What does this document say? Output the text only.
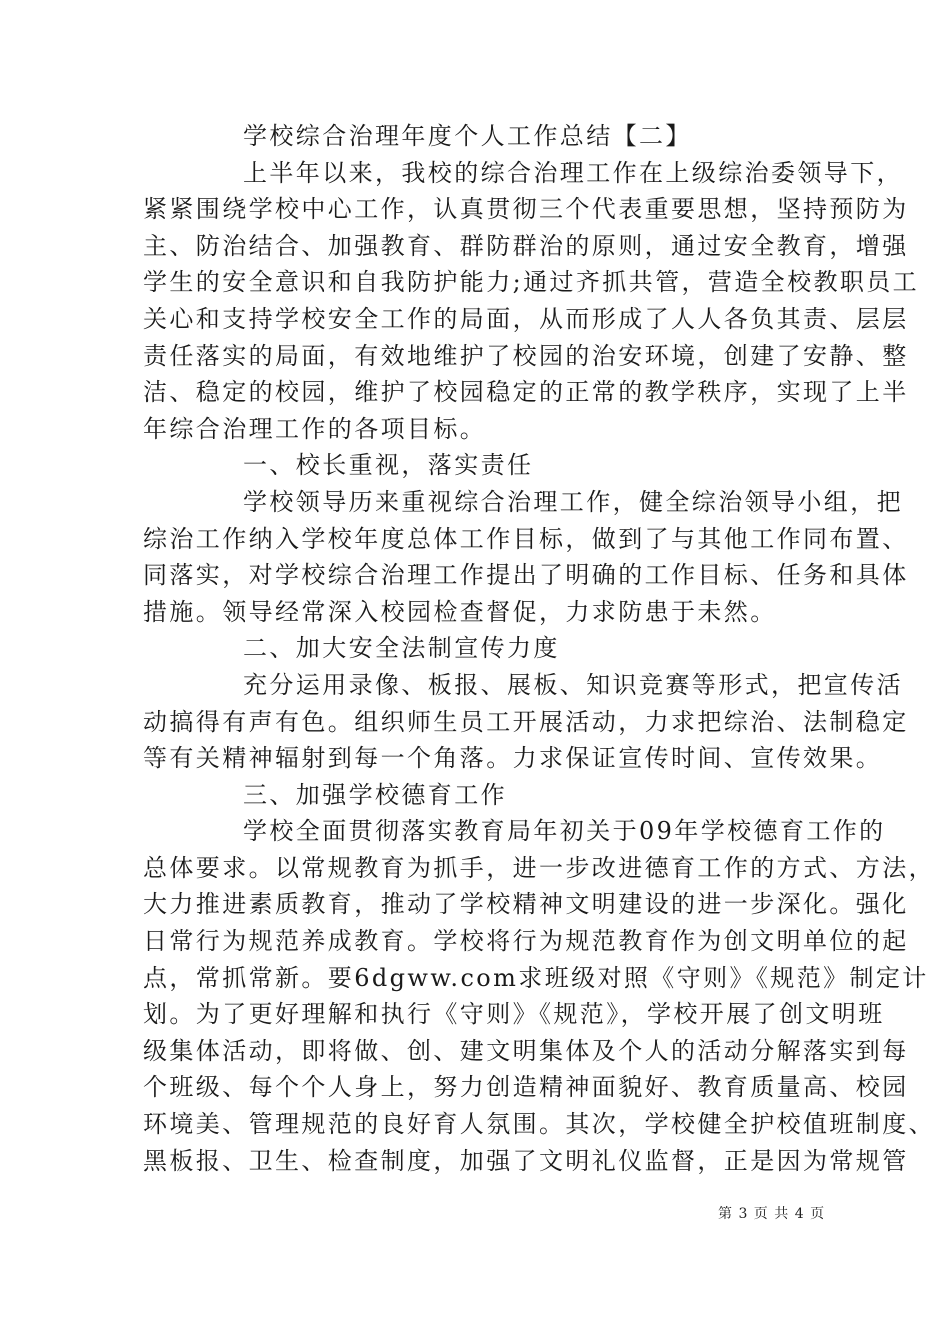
学校综合治理年度个人工作总结【二】
上半年以来，我校的综合治理工作在上级综治委领导下，
紧紧围绕学校中心工作，认真贯彻三个代表重要思想，坚持预防为
主、防治结合、加强教育、群防群治的原则，通过安全教育，增强
学生的安全意识和自我防护能力;通过齐抓共管，营造全校教职员工
关心和支持学校安全工作的局面，从而形成了人人各负其责、层层
责任落实的局面，有效地维护了校园的治安环境，创建了安静、整
洁、稳定的校园，维护了校园稳定的正常的教学秩序，实现了上半
年综合治理工作的各项目标。
一、校长重视，落实责任
学校领导历来重视综合治理工作，健全综治领导小组，把
综治工作纳入学校年度总体工作目标，做到了与其他工作同布置、
同落实，对学校综合治理工作提出了明确的工作目标、任务和具体
措施。领导经常深入校园检查督促，力求防患于未然。
二、加大安全法制宣传力度
充分运用录像、板报、展板、知识竞赛等形式，把宣传活
动搞得有声有色。组织师生员工开展活动，力求把综治、法制稳定
等有关精神辐射到每一个角落。力求保证宣传时间、宣传效果。
三、加强学校德育工作
学校全面贯彻落实教育局年初关于09年学校德育工作的
总体要求。以常规教育为抓手，进一步改进德育工作的方式、方法，
大力推进素质教育，推动了学校精神文明建设的进一步深化。强化
日常行为规范养成教育。学校将行为规范教育作为创文明单位的起
点，常抓常新。要6dgww.com求班级对照《守则》《规范》制定计
划。为了更好理解和执行《守则》《规范》，学校开展了创文明班
级集体活动，即将做、创、建文明集体及个人的活动分解落实到每
个班级、每个个人身上，努力创造精神面貌好、教育质量高、校园
环境美、管理规范的良好育人氛围。其次，学校健全护校值班制度、
黑板报、卫生、检查制度，加强了文明礼仪监督，正是因为常规管
第 3 页 共 4 页
